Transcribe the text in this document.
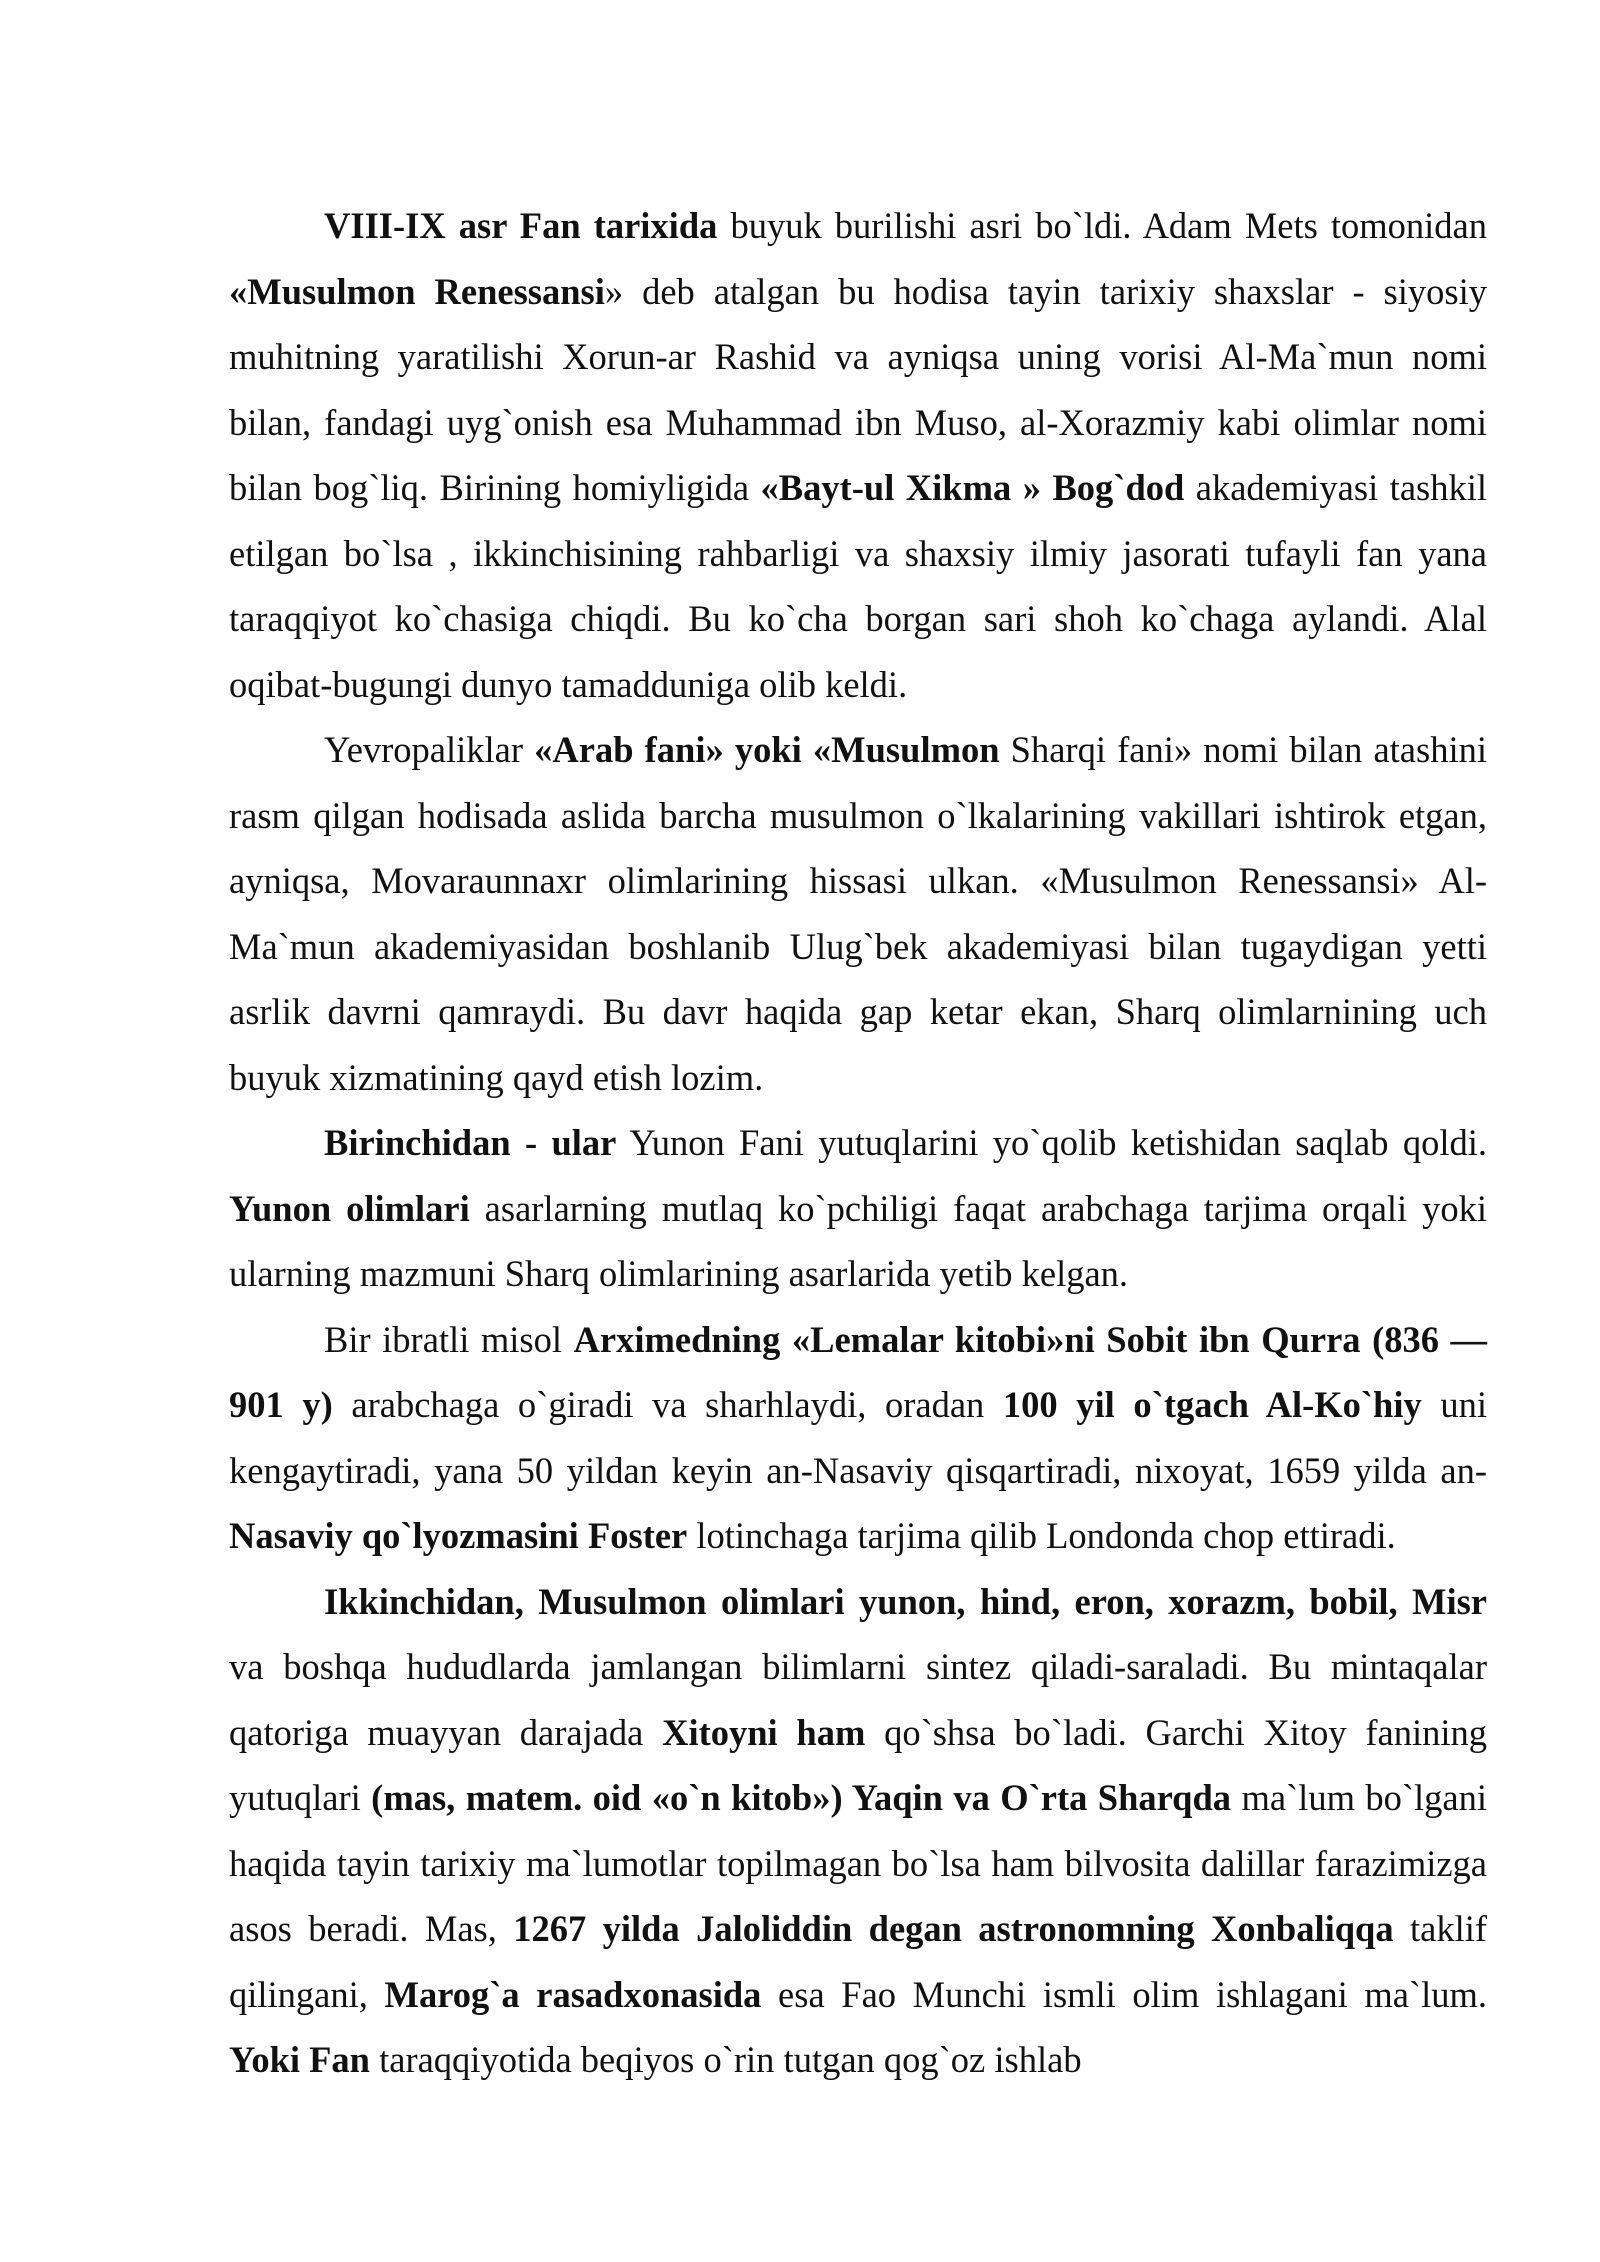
VIII-IX asr Fan tarixida buyuk burilishi asri bo`ldi. Adam Mets tomonidan «Musulmon Renessansi» deb atalgan bu hodisa tayin tarixiy shaxslar - siyosiy muhitning yaratilishi Xorun-ar Rashid va ayniqsa uning vorisi Al-Ma`mun nomi bilan, fandagi uyg`onish esa Muhammad ibn Muso, al-Xorazmiy kabi olimlar nomi bilan bog`liq. Birining homiyligida «Bayt-ul Xikma » Bog`dod akademiyasi tashkil etilgan bo`lsa , ikkinchisining rahbarligi va shaxsiy ilmiy jasorati tufayli fan yana taraqqiyot ko`chasiga chiqdi. Bu ko`cha borgan sari shoh ko`chaga aylandi. Alal oqibat-bugungi dunyo tamadduniga olib keldi.

Yevropaliklar «Arab fani» yoki «Musulmon Sharqi fani» nomi bilan atashini rasm qilgan hodisada aslida barcha musulmon o`lkalarining vakillari ishtirok etgan, ayniqsa, Movaraunnaxr olimlarining hissasi ulkan. «Musulmon Renessansi» Al-Ma`mun akademiyasidan boshlanib Ulug`bek akademiyasi bilan tugaydigan yetti asrlik davrni qamraydi. Bu davr haqida gap ketar ekan, Sharq olimlarnining uch buyuk xizmatining qayd etish lozim.

Birinchidan - ular Yunon Fani yutuqlarini yo`qolib ketishidan saqlab qoldi. Yunon olimlari asarlarning mutlaq ko`pchiligi faqat arabchaga tarjima orqali yoki ularning mazmuni Sharq olimlarining asarlarida yetib kelgan.

Bir ibratli misol Arximedning «Lemalar kitobi»ni Sobit ibn Qurra (836 —901 y) arabchaga o`giradi va sharhlaydi, oradan 100 yil o`tgach Al-Ko`hiy uni kengaytiradi, yana 50 yildan keyin an-Nasaviy qisqartiradi, nixoyat, 1659 yilda an-Nasaviy qo`lyozmasini Foster lotinchaga tarjima qilib Londonda chop ettiradi.

Ikkinchidan, Musulmon olimlari yunon, hind, eron, xorazm, bobil, Misr va boshqa hududlarda jamlangan bilimlarni sintez qiladi-saraladi. Bu mintaqalar qatoriga muayyan darajada Xitoyni ham qo`shsa bo`ladi. Garchi Xitoy fanining yutuqlari (mas, matem. oid «o`n kitob») Yaqin va O`rta Sharqda ma`lum bo`lgani haqida tayin tarixiy ma`lumotlar topilmagan bo`lsa ham bilvosita dalillar farazimizga asos beradi. Mas, 1267 yilda Jaloliddin degan astronomning Xonbaliqqa taklif qilingani, Marog`a rasadxonasida esa Fao Munchi ismli olim ishlagani ma`lum. Yoki Fan taraqqiyotida beqiyos o`rin tutgan qog`oz ishlab
